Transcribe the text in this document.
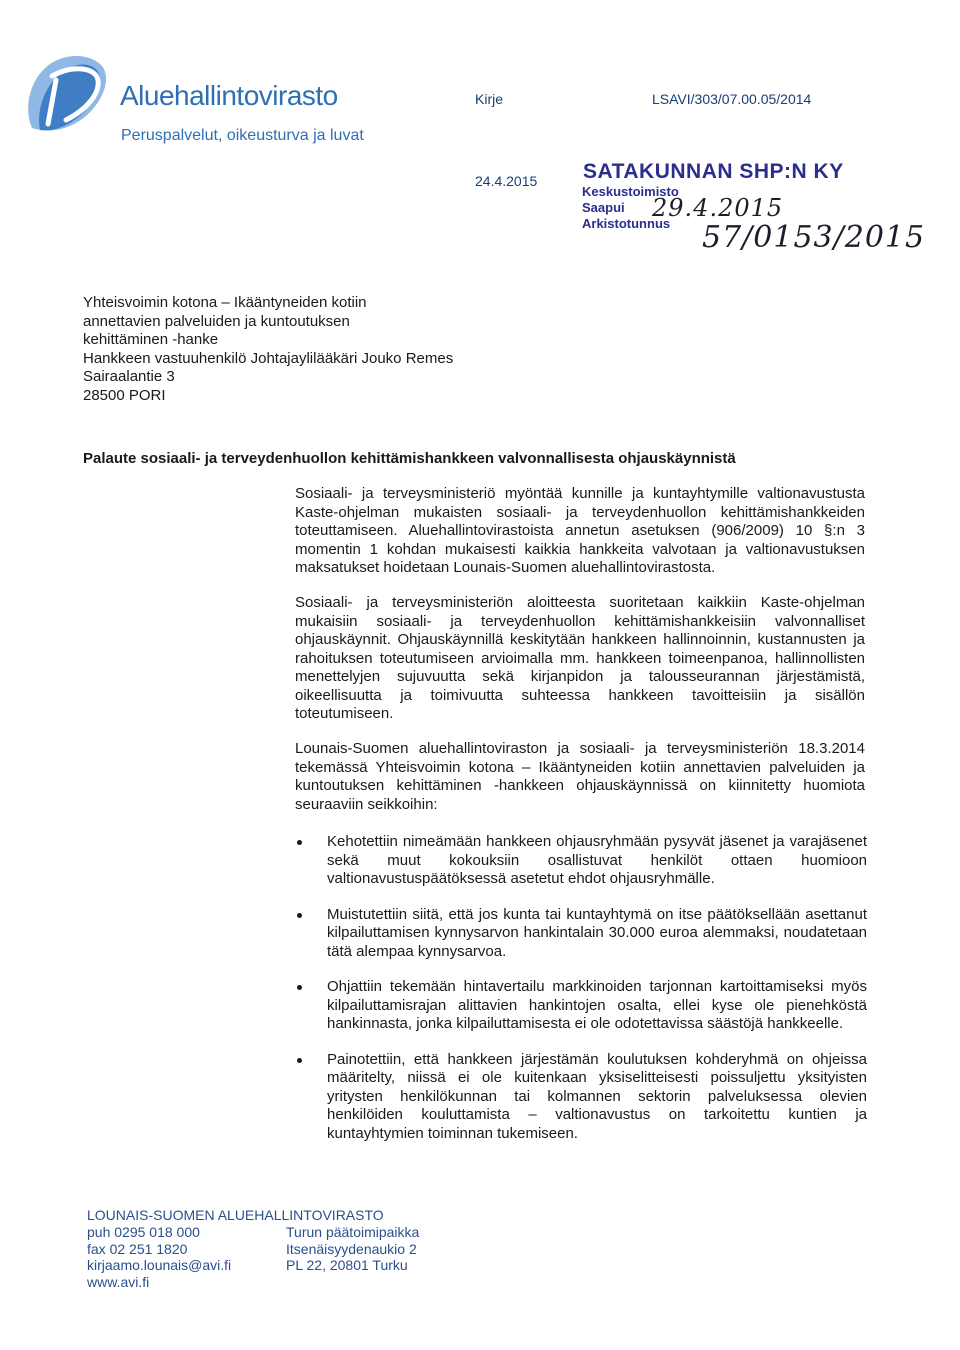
Aluehallintovirasto
Peruspalvelut, oikeusturva ja luvat
Kirje	LSAVI/303/07.00.05/2014
24.4.2015 SATAKUNNAN SHP:N KY
Keskustoimisto
Saapui
Arkistotunnus
29.4.2015
57/0153/2015
Yhteisvoimin kotona – Ikääntyneiden kotiin
annettavien palveluiden ja kuntoutuksen
kehittäminen -hanke
Hankkeen vastuuhenkilö Johtajaylilääkäri Jouko Remes
Sairaalantie 3
28500 PORI
Palaute sosiaali- ja terveydenhuollon kehittämishankkeen valvonnallisesta ohjauskäynnistä
Sosiaali- ja terveysministeriö myöntää kunnille ja kuntayhtymille valtionavustusta Kaste-ohjelman mukaisten sosiaali- ja terveydenhuollon kehittämishankkeiden toteuttamiseen. Aluehallintovirastoista annetun asetuksen (906/2009) 10 §:n 3 momentin 1 kohdan mukaisesti kaikkia hankkeita valvotaan ja valtionavustuksen maksatukset hoidetaan Lounais-Suomen aluehallintovirastosta.
Sosiaali- ja terveysministeriön aloitteesta suoritetaan kaikkiin Kaste-ohjelman mukaisiin sosiaali- ja terveydenhuollon kehittämishankkeisiin valvonnalliset ohjauskäynnit. Ohjauskäynnillä keskitytään hankkeen hallinnoinnin, kustannusten ja rahoituksen toteutumiseen arvioimalla mm. hankkeen toimeenpanoa, hallinnollisten menettelyjen sujuvuutta sekä kirjanpidon ja talousseurannan järjestämistä, oikeellisuutta ja toimivuutta suhteessa hankkeen tavoitteisiin ja sisällön toteutumiseen.
Lounais-Suomen aluehallintoviraston ja sosiaali- ja terveysministeriön 18.3.2014 tekemässä Yhteisvoimin kotona – Ikääntyneiden kotiin annettavien palveluiden ja kuntoutuksen kehittäminen -hankkeen ohjauskäynnissä on kiinnitetty huomiota seuraaviin seikkoihin:
Kehotettiin nimeämään hankkeen ohjausryhmään pysyvät jäsenet ja varajäsenet sekä muut kokouksiin osallistuvat henkilöt ottaen huomioon valtionavustuspäätöksessä asetetut ehdot ohjausryhmälle.
Muistutettiin siitä, että jos kunta tai kuntayhtymä on itse päätöksellään asettanut kilpailuttamisen kynnysarvon hankintalain 30.000 euroa alemmaksi, noudatetaan tätä alempaa kynnysarvoa.
Ohjattiin tekemään hintavertailu markkinoiden tarjonnan kartoittamiseksi myös kilpailuttamisrajan alittavien hankintojen osalta, ellei kyse ole pienehköstä hankinnasta, jonka kilpailuttamisesta ei ole odotettavissa säästöjä hankkeelle.
Painotettiin, että hankkeen järjestämän koulutuksen kohderyhmä on ohjeissa määritelty, niissä ei ole kuitenkaan yksiselitteisesti poissuljettu yksityisten yritysten henkilökunnan tai kolmannen sektorin palveluksessa olevien henkilöiden kouluttamista – valtionavustus on tarkoitettu kuntien ja kuntayhtymien toiminnan tukemiseen.
LOUNAIS-SUOMEN ALUEHALLINTOVIRASTO
puh 0295 018 000
fax 02 251 1820
kirjaamo.lounais@avi.fi
www.avi.fi
Turun päätoimipaikka
Itsenäisyydenaukio 2
PL 22, 20801 Turku
